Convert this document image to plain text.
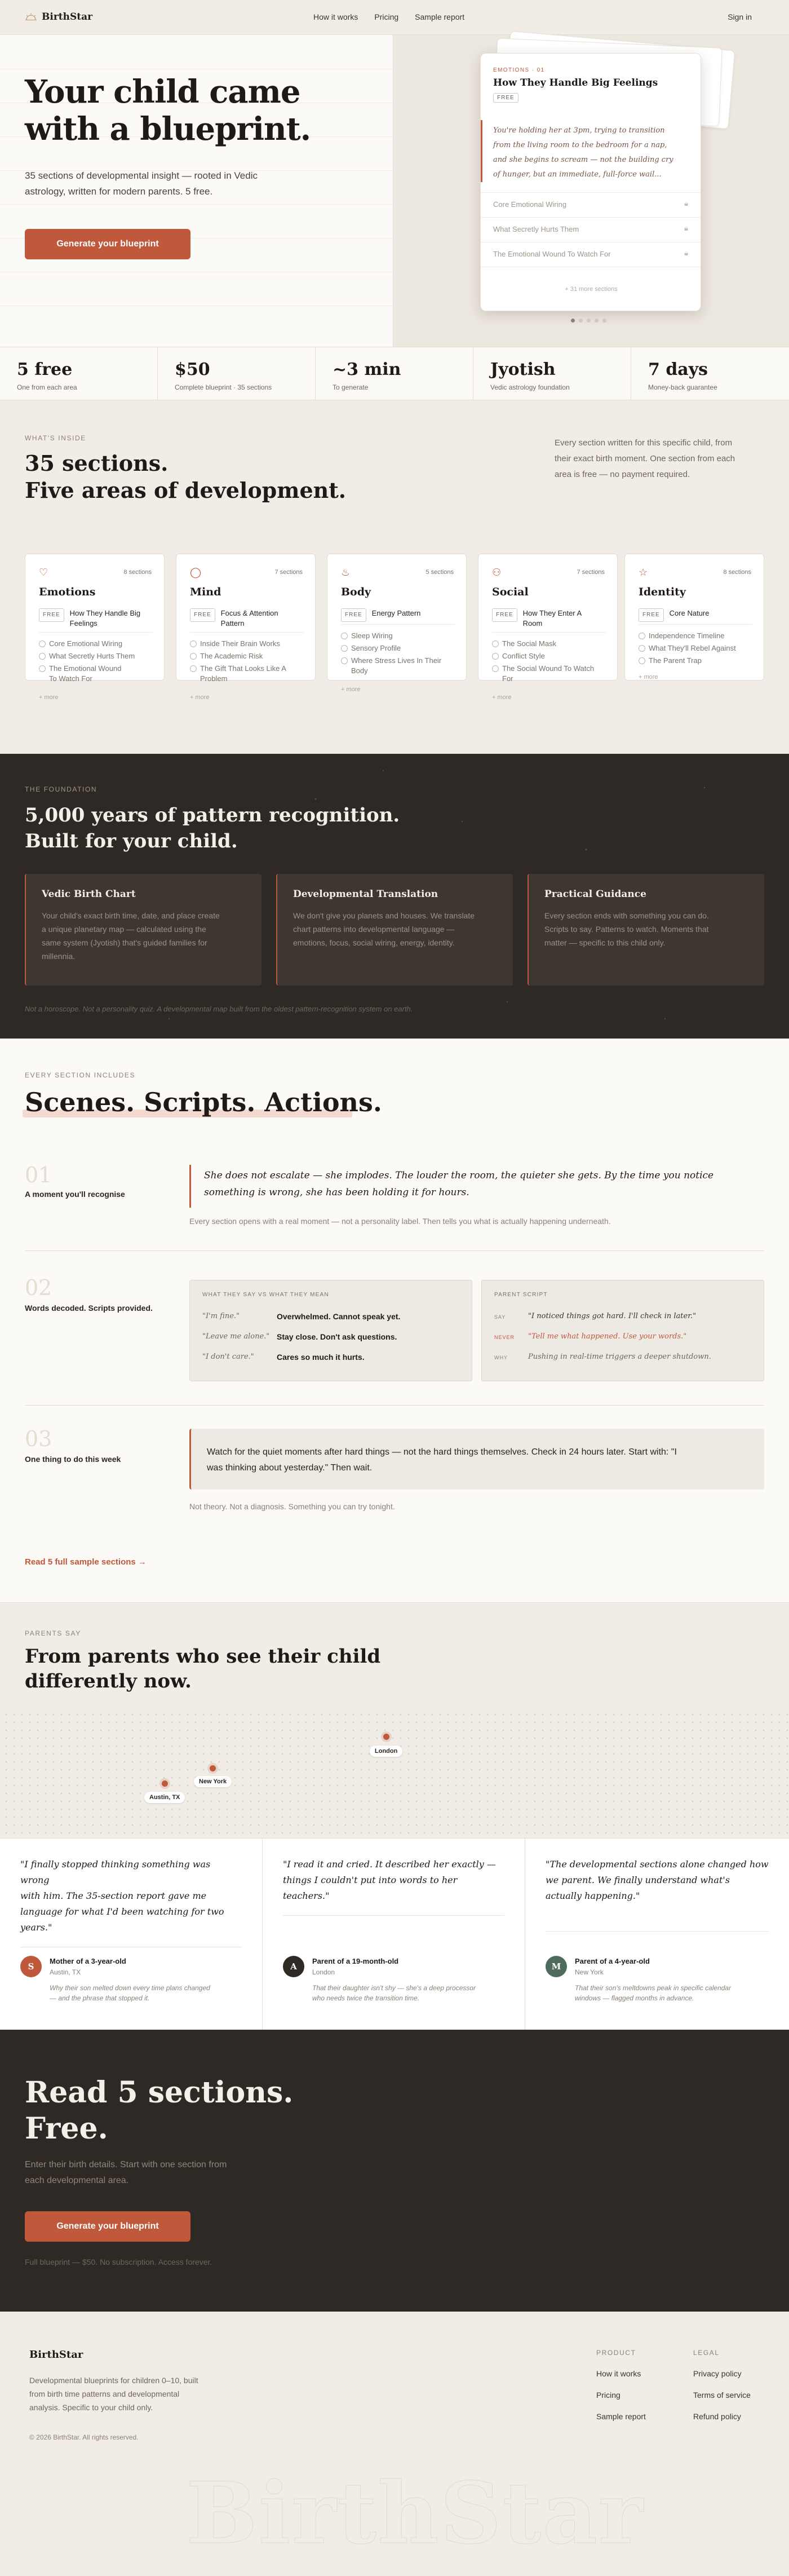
BirthStar	How it works Pricing Sample report	Sign in
Your child came
with a blueprint.
35 sections of developmental insight — rooted in Vedic
astrology, written for modern parents. 5 free.
Generate your blueprint
EMOTIONS · 01
How They Handle Big Feelings
FREE
You're holding her at 3pm, trying to transition
from the living room to the bedroom for a nap,
and she begins to scream — not the building cry
of hunger, but an immediate, full-force wail...
Core Emotional Wiring	🔒︎
What Secretly Hurts Them	🔒︎
The Emotional Wound To Watch For	🔒︎
+ 31 more sections
5 free
One from each area
$50
Complete blueprint · 35 sections
~3 min
To generate
Jyotish
Vedic astrology foundation
7 days
Money-back guarantee
WHAT'S INSIDE
35 sections.
Five areas of development.
Every section written for this specific child, from
their exact birth moment. One section from each
area is free — no payment required.
♡	8 sections
Emotions
FREE	How They Handle Big
Feelings
Core Emotional Wiring
What Secretly Hurts Them
The Emotional Wound To Watch For
+ more
◯	7 sections
Mind
FREE	Focus & Attention
Pattern
Inside Their Brain Works
The Academic Risk
The Gift That Looks Like A Problem
+ more
♨	5 sections
Body
FREE	Energy Pattern
Sleep Wiring
Sensory Profile
Where Stress Lives In Their Body
+ more
⚇	7 sections
Social
FREE	How They Enter A
Room
The Social Mask
Conflict Style
The Social Wound To Watch For
+ more
☆	8 sections
Identity
FREE	Core Nature
Independence Timeline
What They'll Rebel Against
The Parent Trap
+ more
THE FOUNDATION
5,000 years of pattern recognition.
Built for your child.
Not a horoscope. Not a personality quiz. A developmental map built from the oldest pattern-recognition system on earth.
Vedic Birth Chart
Your child's exact birth time, date, and place create
a unique planetary map — calculated using the
same system (Jyotish) that's guided families for
millennia.
Developmental Translation
We don't give you planets and houses. We translate
chart patterns into developmental language —
emotions, focus, social wiring, energy, identity.
Practical Guidance
Every section ends with something you can do.
Scripts to say. Patterns to watch. Moments that
matter — specific to this child only.
EVERY SECTION INCLUDES
Scenes. Scripts. Actions.
01
A moment you'll recognise
She does not escalate — she implodes. The louder the room, the quieter she gets. By the time you notice
something is wrong, she has been holding it for hours.
Every section opens with a real moment — not a personality label. Then tells you what is actually happening underneath.
02
Words decoded. Scripts provided.
WHAT THEY SAY VS WHAT THEY MEAN
"I'm fine."	Overwhelmed. Cannot speak yet.
"Leave me alone." Stay close. Don't ask questions.
"I don't care."	Cares so much it hurts.
PARENT SCRIPT
SAY	"I noticed things got hard. I'll check in later."
NEVER "Tell me what happened. Use your words."
WHY	Pushing in real-time triggers a deeper shutdown.
03
One thing to do this week
Watch for the quiet moments after hard things — not the hard things themselves. Check in 24 hours later. Start with: "I
was thinking about yesterday." Then wait.
Not theory. Not a diagnosis. Something you can try tonight.
Read 5 full sample sections →
PARENTS SAY
From parents who see their child
differently now.
Austin, TX
New York
London
"I finally stopped thinking something was wrong
with him. The 35-section report gave me
language for what I'd been watching for two
years."
S
Mother of a 3-year-old
Austin, TX
Why their son melted down every time plans changed
— and the phrase that stopped it.
"I read it and cried. It described her exactly —
things I couldn't put into words to her teachers."
A
Parent of a 19-month-old
London
That their daughter isn't shy — she's a deep processor
who needs twice the transition time.
"The developmental sections alone changed how
we parent. We finally understand what's
actually happening."
M
Parent of a 4-year-old
New York
That their son's meltdowns peak in specific calendar
windows — flagged months in advance.
Read 5 sections.
Free.
Enter their birth details. Start with one section from
each developmental area.
Generate your blueprint
Full blueprint — $50. No subscription. Access forever.
BirthStar
Developmental blueprints for children 0–10, built
from birth time patterns and developmental
analysis. Specific to your child only.
© 2026 BirthStar. All rights reserved.
PRODUCT
How it works
Pricing
Sample report
LEGAL
Privacy policy
Terms of service
Refund policy
BirthStar
